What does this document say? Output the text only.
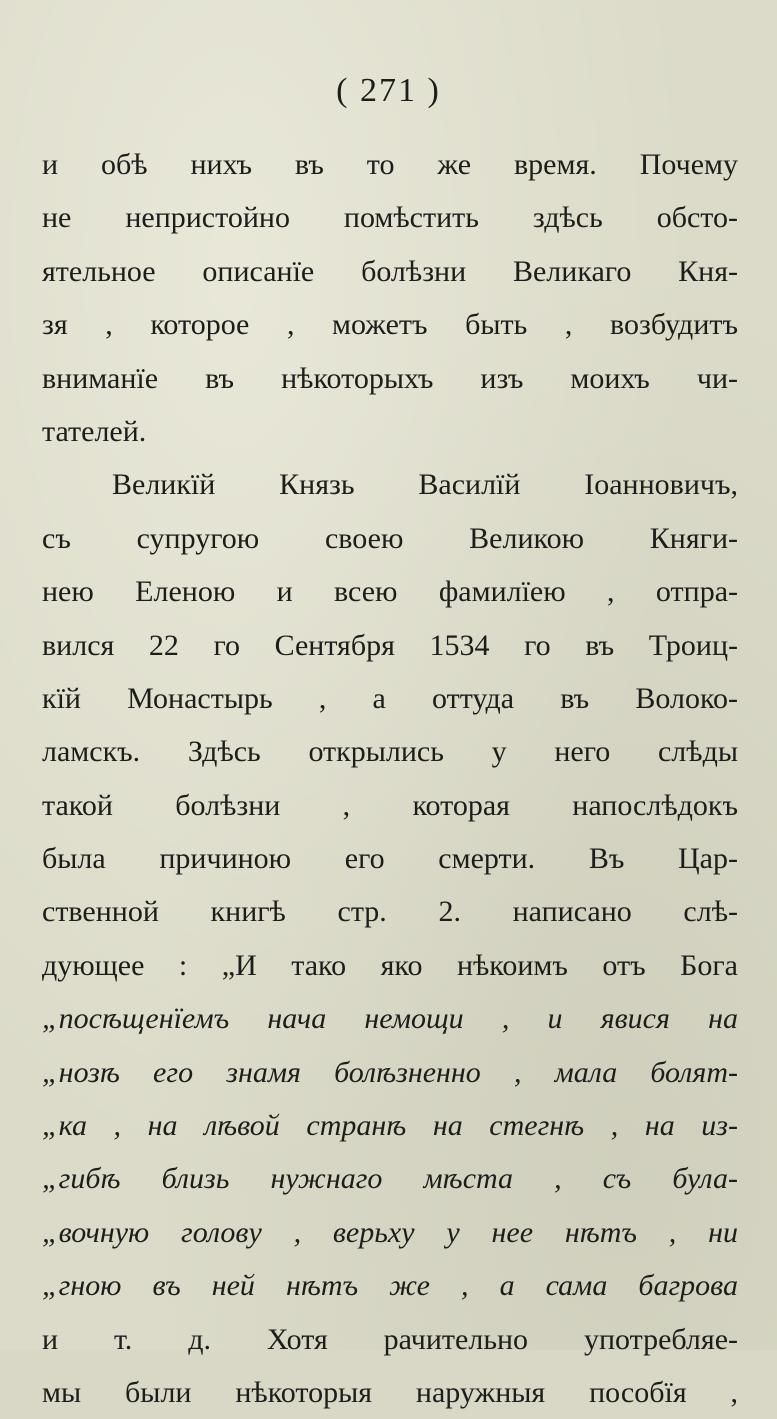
( 271 )
и обѣ нихъ въ то же время. Почему
не непристойно помѣстить здѣсь обсто-
ятельное описанїе болѣзни Великаго Кня-
зя , которое , можетъ быть , возбудитъ
вниманїе въ нѣкоторыхъ изъ моихъ чи-
тателей.
Великїй Князь Василїй Iоанновичъ,
съ супругою своею Великою Княги-
нею Еленою и всею фамилїею , отпра-
вился 22 го Сентября 1534 го въ Троиц-
кїй Монастырь , а оттуда въ Волоко-
ламскъ. Здѣсь открылись у него слѣды
такой болѣзни , которая напослѣдокъ
была причиною его смерти. Въ Цар-
ственной книгѣ стр. 2. написано слѣ-
дующее : „И тако яко нѣкоимъ отъ Бога
„посѣщенїемъ нача немощи , и явися на
„нозѣ его знамя болѣзненно , мала болят-
„ка , на лѣвой странѣ на стегнѣ , на из-
„гибѣ близь нужнаго мѣста , съ була-
„вочную голову , верьху у нее нѣтъ , ни
„гною въ ней нѣтъ же , а сама багрова
и т. д. Хотя рачительно употребляе-
мы были нѣкоторыя наружныя пособїя ,
